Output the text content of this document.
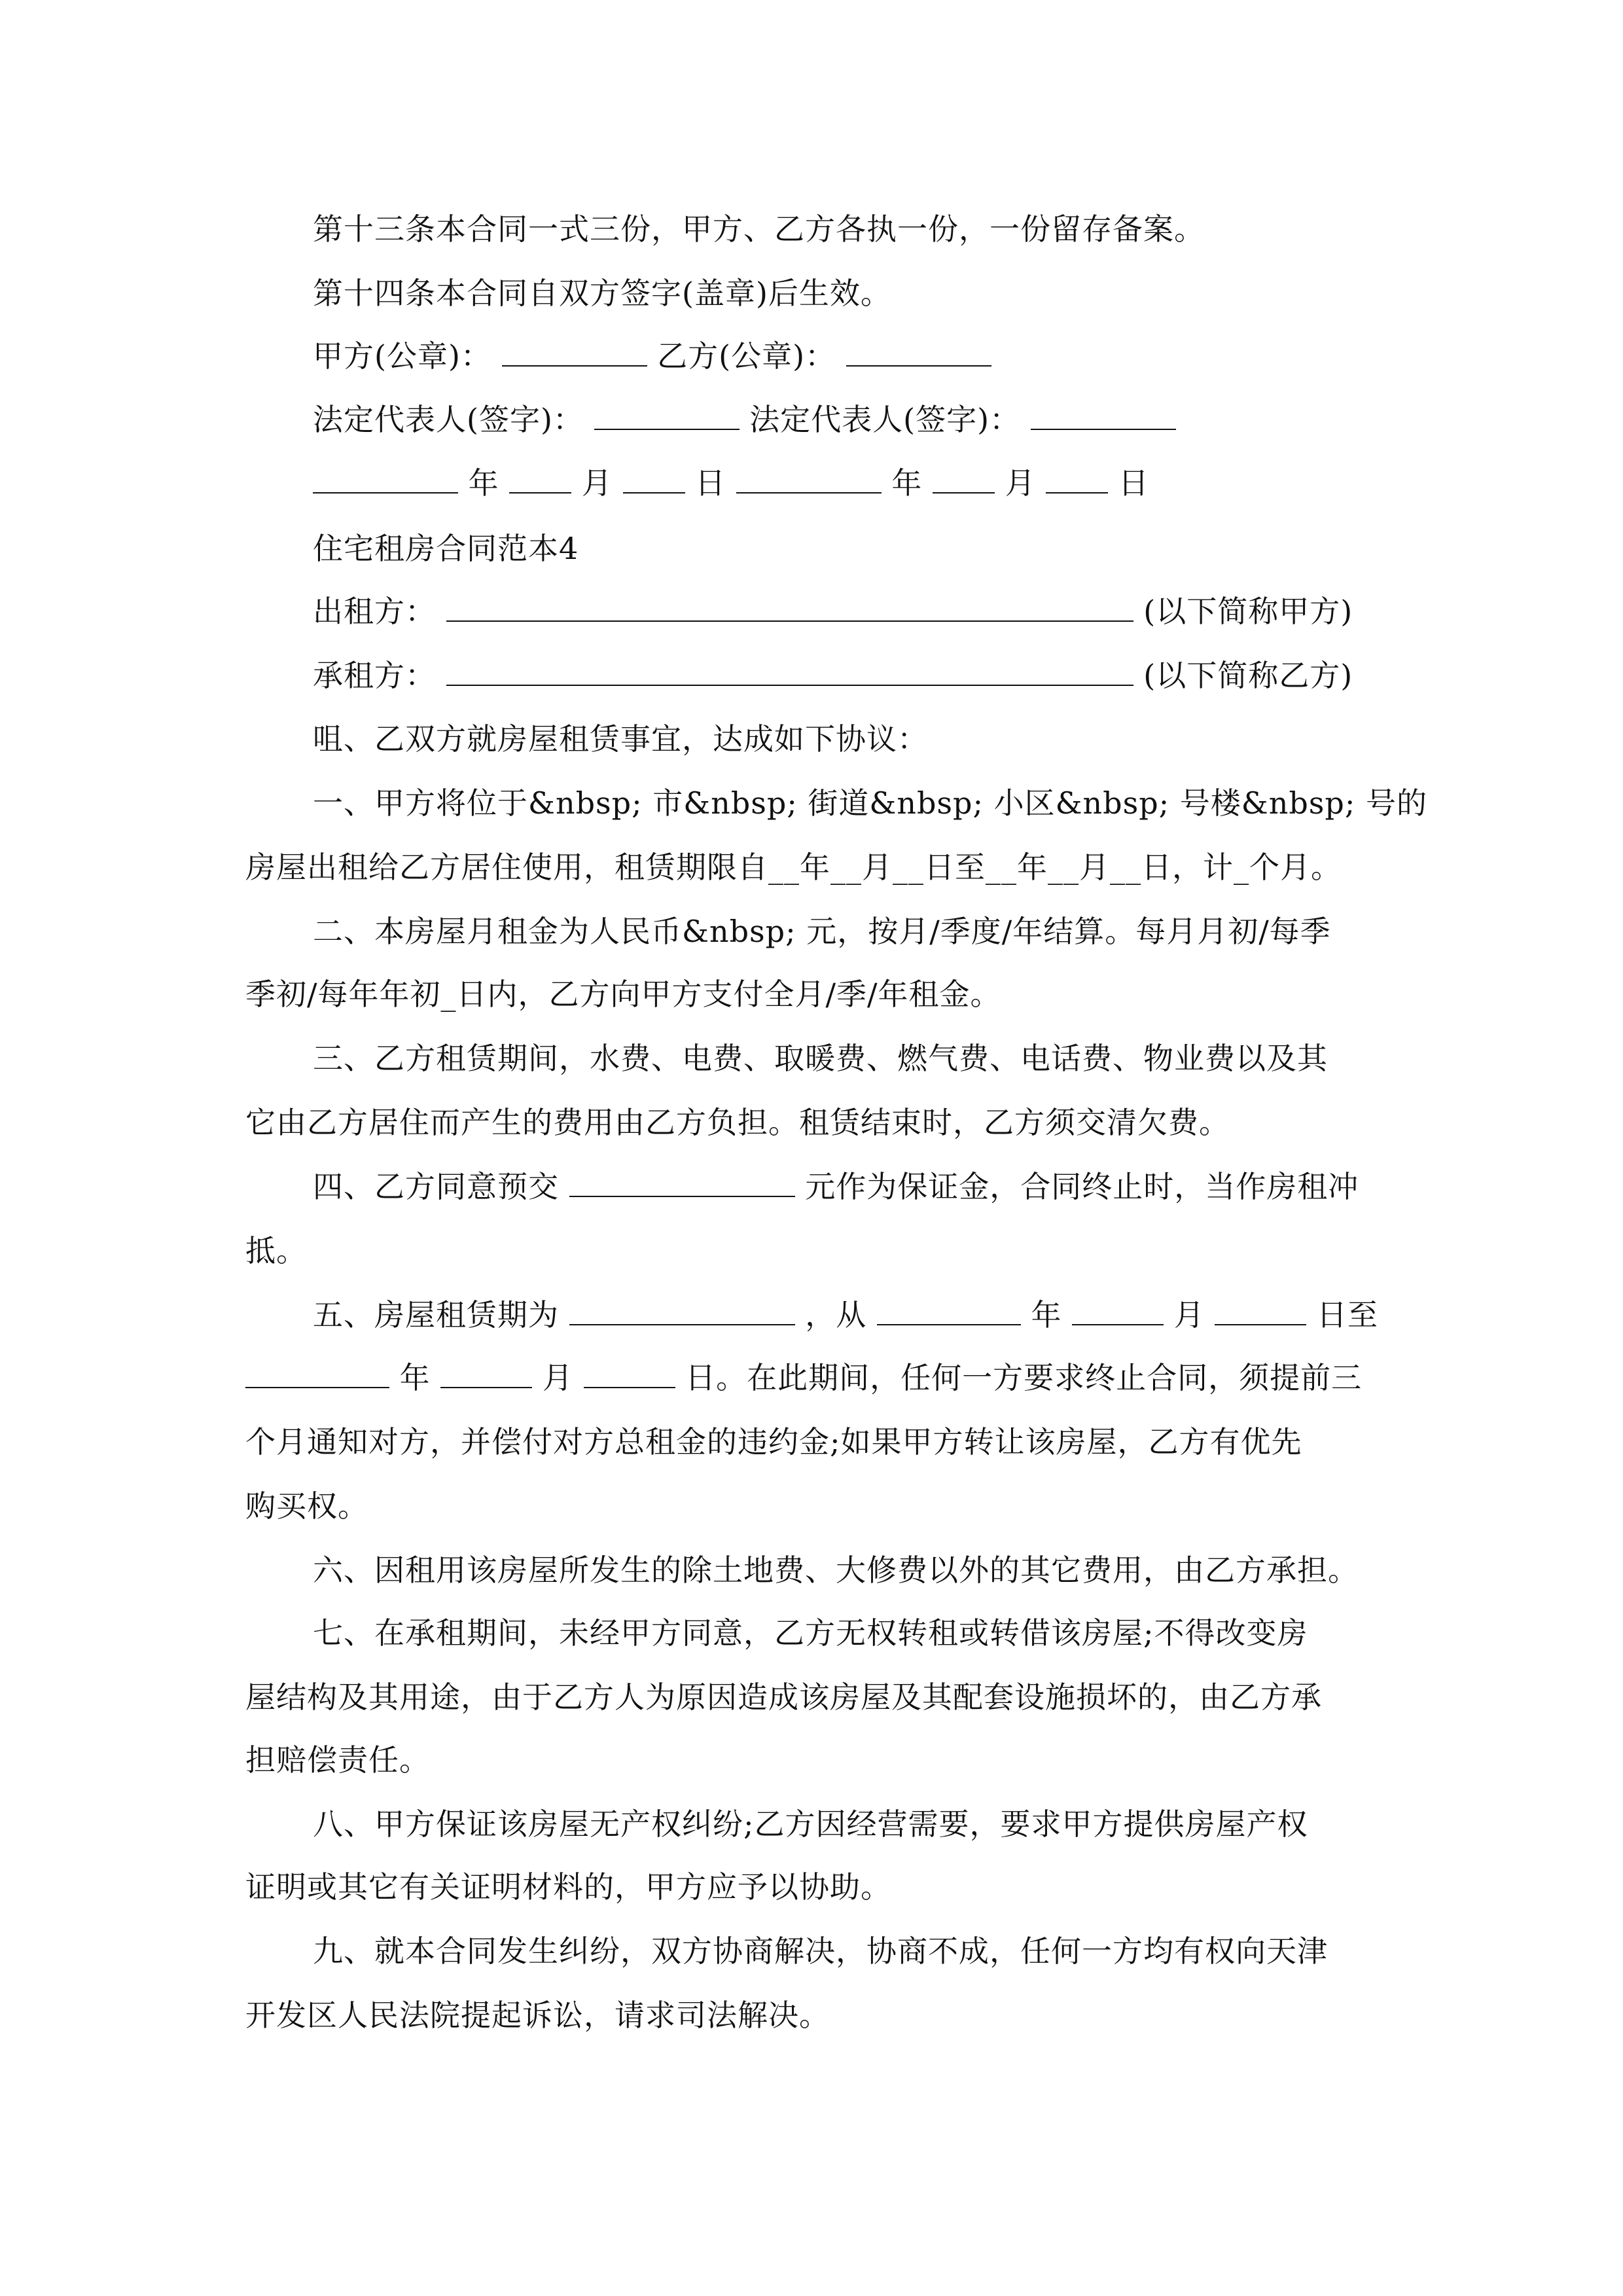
第十三条本合同一式三份，甲方、乙方各执一份，一份留存备案。
第十四条本合同自双方签字(盖章)后生效。
甲方(公章)：	乙方(公章)：
法定代表人(签字)：	法定代表人(签字)：
年	月	日	年	月	日
住宅租房合同范本4
出租方：	(以下简称甲方)
承租方：	(以下简称乙方)
咀、乙双方就房屋租赁事宜，达成如下协议：
一、甲方将位于&nbsp; 市&nbsp; 街道&nbsp; 小区&nbsp; 号楼&nbsp; 号的
房屋出租给乙方居住使用，租赁期限自__年__月__日至__年__月__日，计_个月。
二、本房屋月租金为人民币&nbsp; 元，按月/季度/年结算。每月月初/每季
季初/每年年初_日内，乙方向甲方支付全月/季/年租金。
三、乙方租赁期间，水费、电费、取暖费、燃气费、电话费、物业费以及其
它由乙方居住而产生的费用由乙方负担。租赁结束时，乙方须交清欠费。
四、乙方同意预交	元作为保证金，合同终止时，当作房租冲
抵。
五、房屋租赁期为	，从	年	月	日至
年	月	日。在此期间，任何一方要求终止合同，须提前三
个月通知对方，并偿付对方总租金的违约金;如果甲方转让该房屋，乙方有优先
购买权。
六、因租用该房屋所发生的除土地费、大修费以外的其它费用，由乙方承担。
七、在承租期间，未经甲方同意，乙方无权转租或转借该房屋;不得改变房
屋结构及其用途，由于乙方人为原因造成该房屋及其配套设施损坏的，由乙方承
担赔偿责任。
八、甲方保证该房屋无产权纠纷;乙方因经营需要，要求甲方提供房屋产权
证明或其它有关证明材料的，甲方应予以协助。
九、就本合同发生纠纷，双方协商解决，协商不成，任何一方均有权向天津
开发区人民法院提起诉讼，请求司法解决。
